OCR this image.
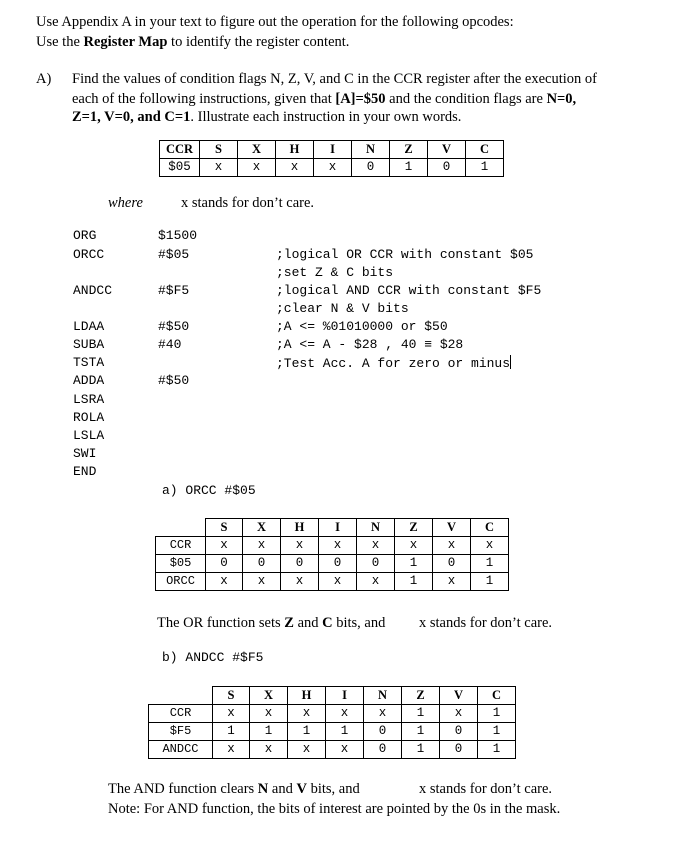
Use Appendix A in your text to figure out the operation for the following opcodes:
Use the Register Map to identify the register content.
A) Find the values of condition flags N, Z, V, and C in the CCR register after the execution of
each of the following instructions, given that [A]=$50 and the condition flags are N=0,
Z=1, V=0, and C=1. Illustrate each instruction in your own words.
CCR	S	X	H	I	N	Z	V	C
$05	x	x	x	x	0	1	0	1
where	x stands for don’t care.
ORG	$1500
ORCC	#$05	;logical OR CCR with constant $05
;set Z & C bits
ANDCC	#$F5	;logical AND CCR with constant $F5
;clear N & V bits
LDAA	#$50	;A <= %01010000 or $50
SUBA	#40	;A <= A - $28 , 40 ≡ $28
TSTA	;Test Acc. A for zero or minus
ADDA	#$50
LSRA
ROLA
LSLA
SWI
END
a) ORCC #$05
	S	X	H	I	N	Z	V	C
CCR	x	x	x	x	x	x	x	x
$05	0	0	0	0	0	1	0	1
ORCC	x	x	x	x	x	1	x	1
The OR function sets Z and C bits, and x stands for don’t care.
b) ANDCC #$F5
	S	X	H	I	N	Z	V	C
CCR	x	x	x	x	x	1	x	1
$F5	1	1	1	1	0	1	0	1
ANDCC	x	x	x	x	0	1	0	1
The AND function clears N and V bits, and	x stands for don’t care.
Note: For AND function, the bits of interest are pointed by the 0s in the mask.
